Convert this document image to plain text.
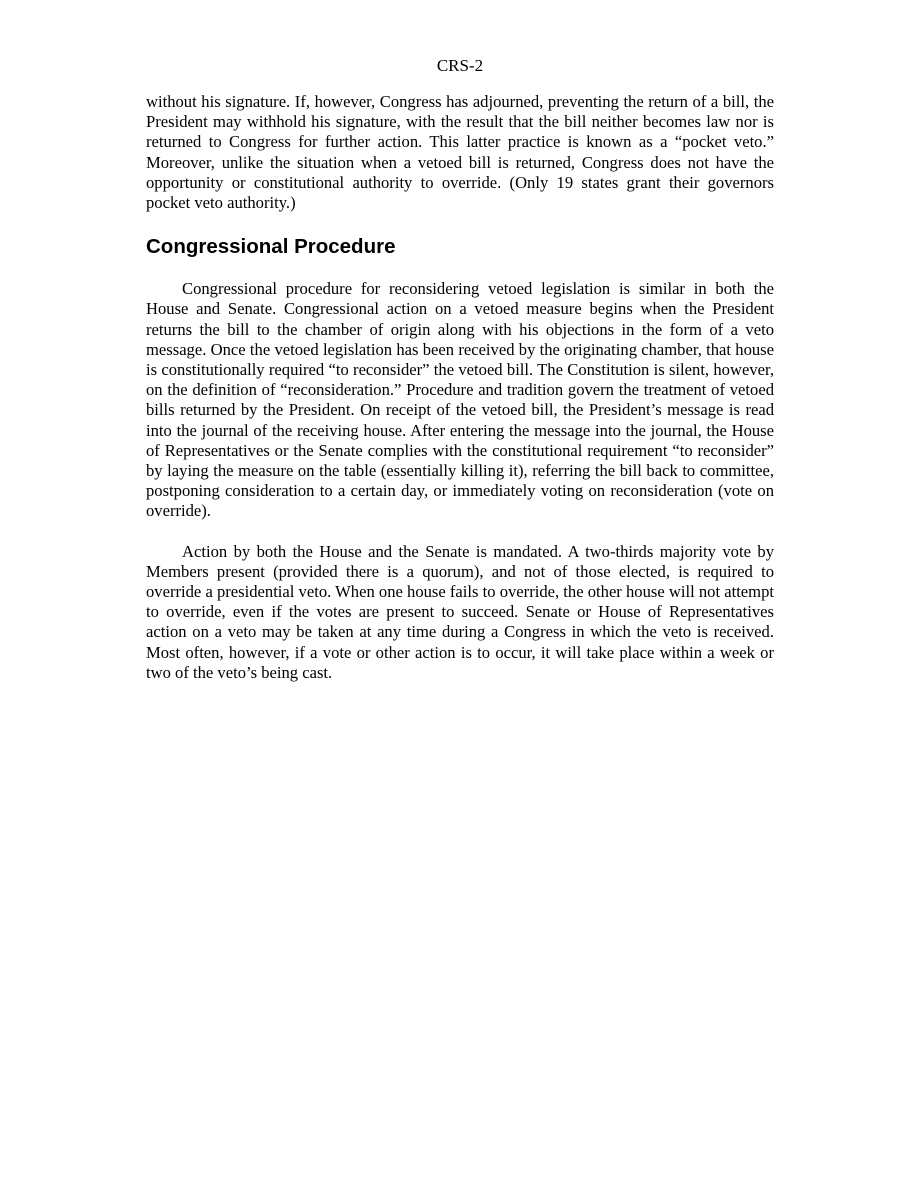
CRS-2

without his signature. If, however, Congress has adjourned, preventing the return of a bill, the President may withhold his signature, with the result that the bill neither becomes law nor is returned to Congress for further action. This latter practice is known as a “pocket veto.” Moreover, unlike the situation when a vetoed bill is returned, Congress does not have the opportunity or constitutional authority to override. (Only 19 states grant their governors pocket veto authority.)

Congressional Procedure

Congressional procedure for reconsidering vetoed legislation is similar in both the House and Senate. Congressional action on a vetoed measure begins when the President returns the bill to the chamber of origin along with his objections in the form of a veto message. Once the vetoed legislation has been received by the originating chamber, that house is constitutionally required “to reconsider” the vetoed bill. The Constitution is silent, however, on the definition of “reconsideration.” Procedure and tradition govern the treatment of vetoed bills returned by the President. On receipt of the vetoed bill, the President’s message is read into the journal of the receiving house. After entering the message into the journal, the House of Representatives or the Senate complies with the constitutional requirement “to reconsider” by laying the measure on the table (essentially killing it), referring the bill back to committee, postponing consideration to a certain day, or immediately voting on reconsideration (vote on override).

Action by both the House and the Senate is mandated. A two-thirds majority vote by Members present (provided there is a quorum), and not of those elected, is required to override a presidential veto. When one house fails to override, the other house will not attempt to override, even if the votes are present to succeed. Senate or House of Representatives action on a veto may be taken at any time during a Congress in which the veto is received. Most often, however, if a vote or other action is to occur, it will take place within a week or two of the veto’s being cast.
